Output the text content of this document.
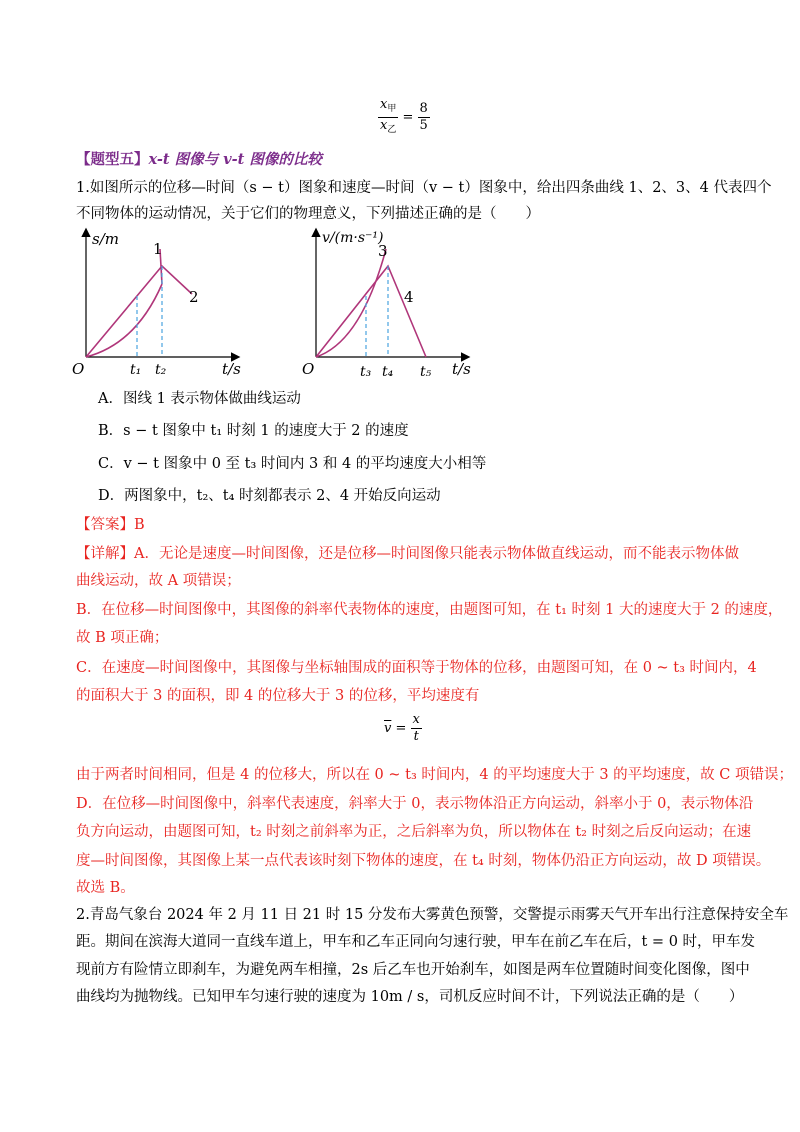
$\frac{x_甲}{x_乙} = \frac{8}{5}$
【题型五】x-t 图像与 v-t 图像的比较
1.如图所示的位移—时间（s − t）图象和速度—时间（v − t）图象中，给出四条曲线 1、2、3、4 代表四个
不同物体的运动情况，关于它们的物理意义，下列描述正确的是（　　）
s/m
t/s
O
1
2
t₁ t₂
v/(m·s⁻¹)
t/s
O
3
4
t₃ t₄ t₅
A．图线 1 表示物体做曲线运动
B．s − t 图象中 t₁ 时刻 1 的速度大于 2 的速度
C．v − t 图象中 0 至 t₃ 时间内 3 和 4 的平均速度大小相等
D．两图象中，t₂、t₄ 时刻都表示 2、4 开始反向运动
【答案】B
【详解】A．无论是速度—时间图像，还是位移—时间图像只能表示物体做直线运动，而不能表示物体做
曲线运动，故 A 项错误；
B．在位移—时间图像中，其图像的斜率代表物体的速度，由题图可知，在 t₁ 时刻 1 大的速度大于 2 的速度，
故 B 项正确；
C．在速度—时间图像中，其图像与坐标轴围成的面积等于物体的位移，由题图可知，在 0 ~ t₃ 时间内，4
的面积大于 3 的面积，即 4 的位移大于 3 的位移，平均速度有
$\overline{v} = \frac{x}{t}$
由于两者时间相同，但是 4 的位移大，所以在 0 ~ t₃ 时间内，4 的平均速度大于 3 的平均速度，故 C 项错误；
D．在位移—时间图像中，斜率代表速度，斜率大于 0，表示物体沿正方向运动，斜率小于 0，表示物体沿
负方向运动，由题图可知，t₂ 时刻之前斜率为正，之后斜率为负，所以物体在 t₂ 时刻之后反向运动；在速
度—时间图像，其图像上某一点代表该时刻下物体的速度，在 t₄ 时刻，物体仍沿正方向运动，故 D 项错误。
故选 B。
2.青岛气象台 2024 年 2 月 11 日 21 时 15 分发布大雾黄色预警，交警提示雨雾天气开车出行注意保持安全车
距。期间在滨海大道同一直线车道上，甲车和乙车正同向匀速行驶，甲车在前乙车在后，t = 0 时，甲车发
现前方有险情立即刹车，为避免两车相撞，2s 后乙车也开始刹车，如图是两车位置随时间变化图像，图中
曲线均为抛物线。已知甲车匀速行驶的速度为 10m / s，司机反应时间不计，下列说法正确的是（　　）
